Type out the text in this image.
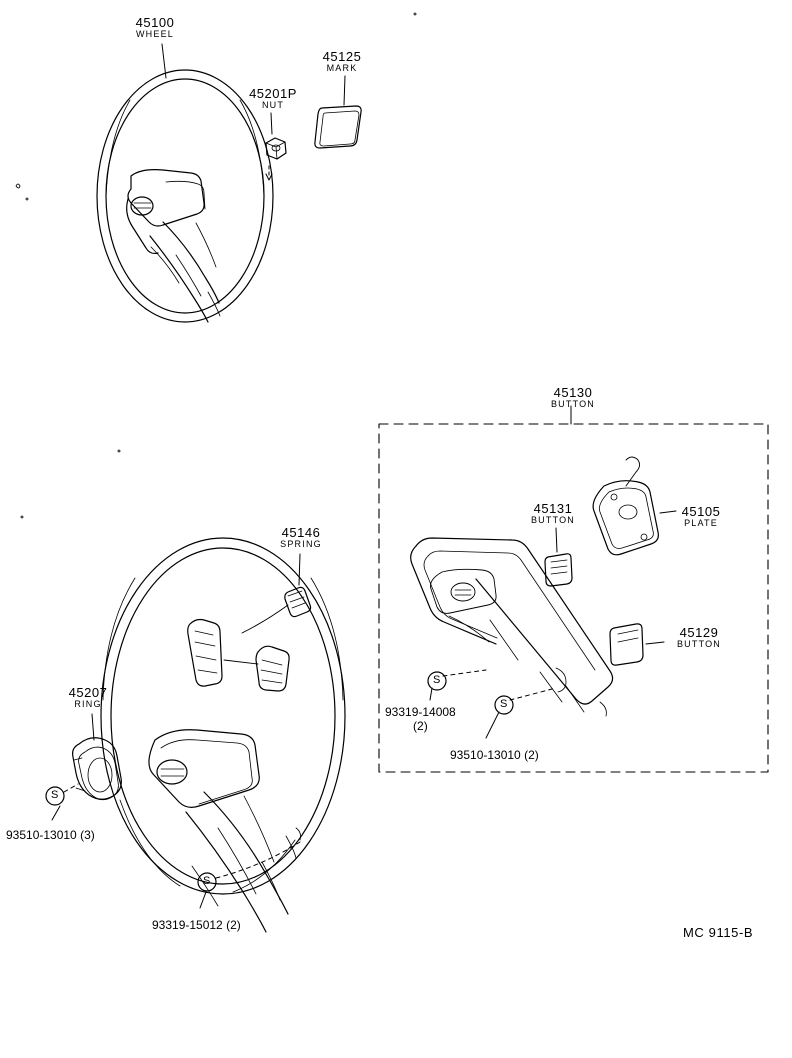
45100
WHEEL
45125
MARK
45201P
NUT
45130
BUTTON
45131
BUTTON
45105
PLATE
45129
BUTTON
45146
SPRING
45207
RING
93319-14008
(2)
93510-13010 (2)
93510-13010 (3)
93319-15012 (2)
S
S
S
S
MC 9115-B
